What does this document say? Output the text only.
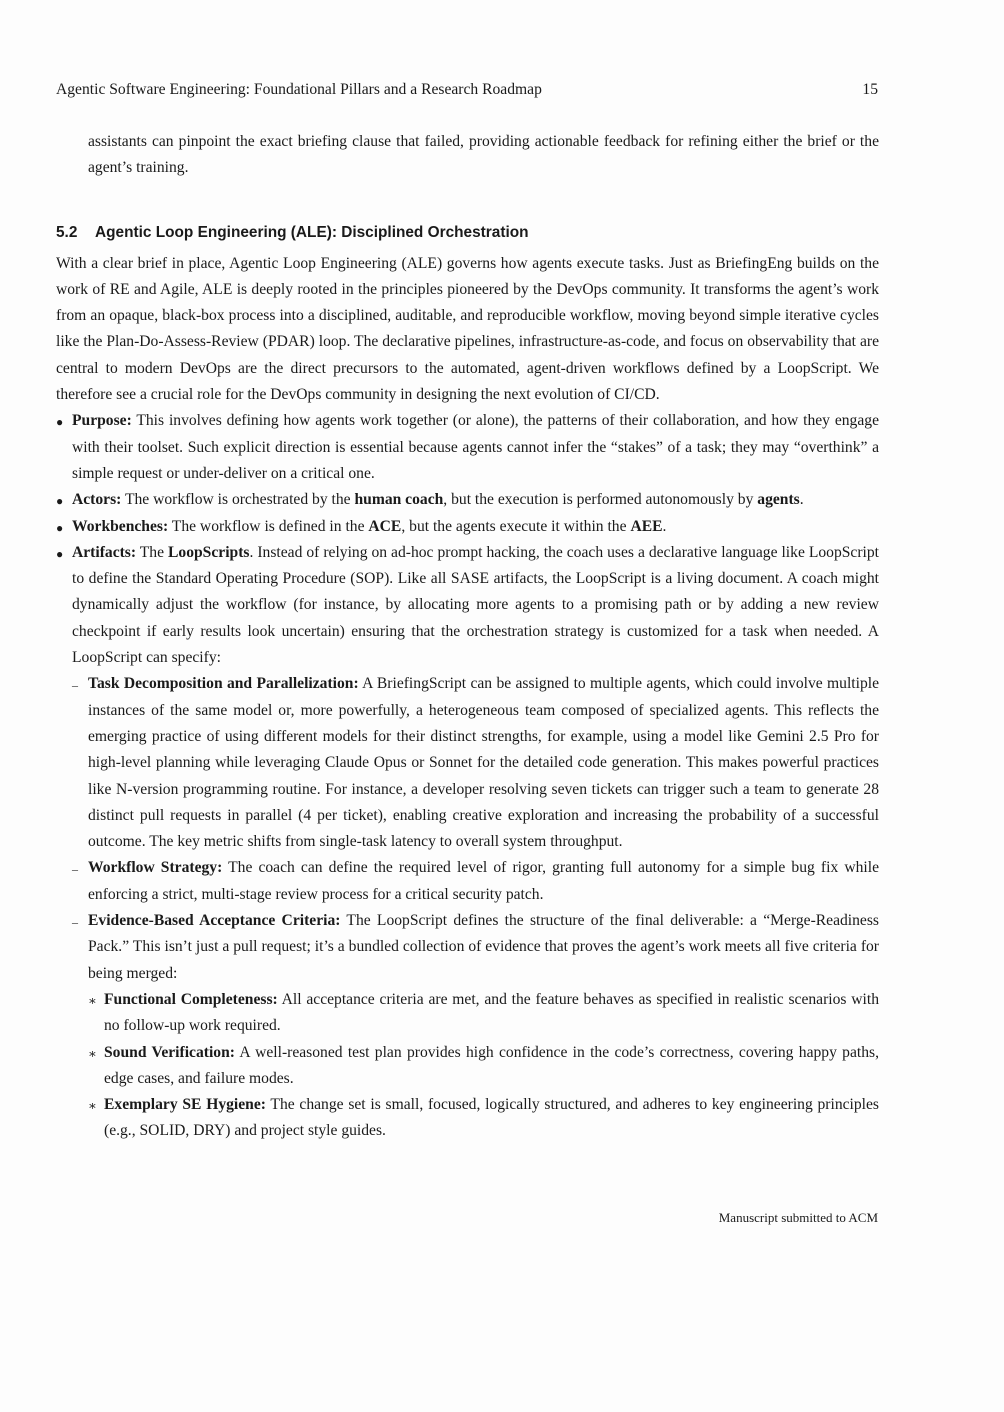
Agentic Software Engineering: Foundational Pillars and a Research Roadmap	15

assistants can pinpoint the exact briefing clause that failed, providing actionable feedback for refining either the brief or the agent’s training.

5.2	Agentic Loop Engineering (ALE): Disciplined Orchestration

With a clear brief in place, Agentic Loop Engineering (ALE) governs how agents execute tasks. Just as BriefingEng builds on the work of RE and Agile, ALE is deeply rooted in the principles pioneered by the DevOps community. It transforms the agent’s work from an opaque, black-box process into a disciplined, auditable, and reproducible workflow, moving beyond simple iterative cycles like the Plan-Do-Assess-Review (PDAR) loop. The declarative pipelines, infrastructure-as-code, and focus on observability that are central to modern DevOps are the direct precursors to the automated, agent-driven workflows defined by a LoopScript. We therefore see a crucial role for the DevOps community in designing the next evolution of CI/CD.

● Purpose: This involves defining how agents work together (or alone), the patterns of their collaboration, and how they engage with their toolset. Such explicit direction is essential because agents cannot infer the “stakes” of a task; they may “overthink” a simple request or under-deliver on a critical one.
● Actors: The workflow is orchestrated by the human coach, but the execution is performed autonomously by agents.
● Workbenches: The workflow is defined in the ACE, but the agents execute it within the AEE.
● Artifacts: The LoopScripts. Instead of relying on ad-hoc prompt hacking, the coach uses a declarative language like LoopScript to define the Standard Operating Procedure (SOP). Like all SASE artifacts, the LoopScript is a living document. A coach might dynamically adjust the workflow (for instance, by allocating more agents to a promising path or by adding a new review checkpoint if early results look uncertain) ensuring that the orchestration strategy is customized for a task when needed. A LoopScript can specify:
– Task Decomposition and Parallelization: A BriefingScript can be assigned to multiple agents, which could involve multiple instances of the same model or, more powerfully, a heterogeneous team composed of specialized agents. This reflects the emerging practice of using different models for their distinct strengths, for example, using a model like Gemini 2.5 Pro for high-level planning while leveraging Claude Opus or Sonnet for the detailed code generation. This makes powerful practices like N-version programming routine. For instance, a developer resolving seven tickets can trigger such a team to generate 28 distinct pull requests in parallel (4 per ticket), enabling creative exploration and increasing the probability of a successful outcome. The key metric shifts from single-task latency to overall system throughput.
– Workflow Strategy: The coach can define the required level of rigor, granting full autonomy for a simple bug fix while enforcing a strict, multi-stage review process for a critical security patch.
– Evidence-Based Acceptance Criteria: The LoopScript defines the structure of the final deliverable: a “Merge-Readiness Pack.” This isn’t just a pull request; it’s a bundled collection of evidence that proves the agent’s work meets all five criteria for being merged:
∗ Functional Completeness: All acceptance criteria are met, and the feature behaves as specified in realistic scenarios with no follow-up work required.
∗ Sound Verification: A well-reasoned test plan provides high confidence in the code’s correctness, covering happy paths, edge cases, and failure modes.
∗ Exemplary SE Hygiene: The change set is small, focused, logically structured, and adheres to key engineering principles (e.g., SOLID, DRY) and project style guides.
Manuscript submitted to ACM
